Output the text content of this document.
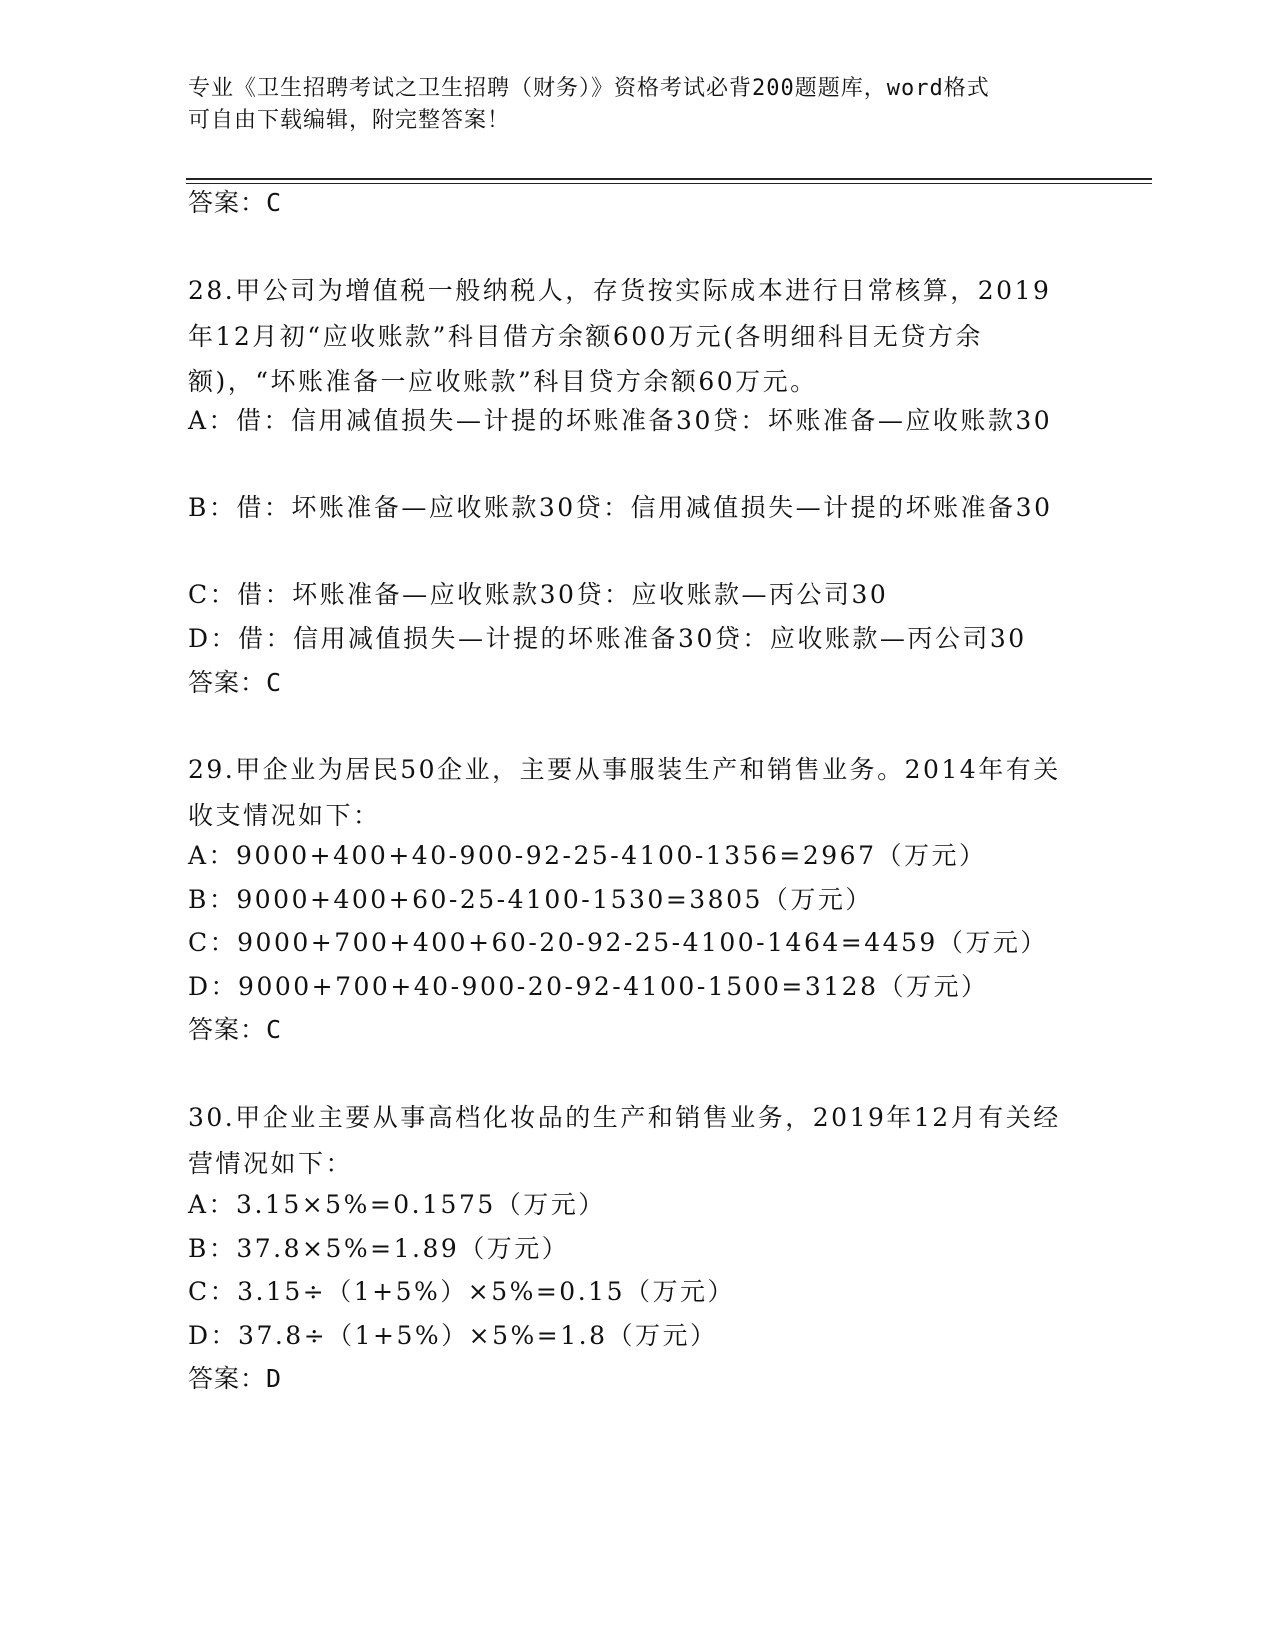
专业《卫生招聘考试之卫生招聘（财务）》资格考试必背200题题库，word格式
可自由下载编辑，附完整答案！
答案：C
28.甲公司为增值税一般纳税人，存货按实际成本进行日常核算，2019年12月初“应收账款”科目借方余额600万元(各明细科目无贷方余额)，“坏账准备一应收账款”科目贷方余额60万元。
A：借：信用减值损失—计提的坏账准备30贷：坏账准备—应收账款30
B：借：坏账准备—应收账款30贷：信用减值损失—计提的坏账准备30
C：借：坏账准备—应收账款30贷：应收账款—丙公司30
D：借：信用减值损失—计提的坏账准备30贷：应收账款—丙公司30
答案：C
29.甲企业为居民50企业，主要从事服装生产和销售业务。2014年有关收支情况如下：
A：9000+400+40-900-92-25-4100-1356=2967（万元）
B：9000+400+60-25-4100-1530=3805（万元）
C：9000+700+400+60-20-92-25-4100-1464=4459（万元）
D：9000+700+40-900-20-92-4100-1500=3128（万元）
答案：C
30.甲企业主要从事高档化妆品的生产和销售业务，2019年12月有关经营情况如下：
A：3.15×5%=0.1575（万元）
B：37.8×5%=1.89（万元）
C：3.15÷（1+5%）×5%=0.15（万元）
D：37.8÷（1+5%）×5%=1.8（万元）
答案：D
